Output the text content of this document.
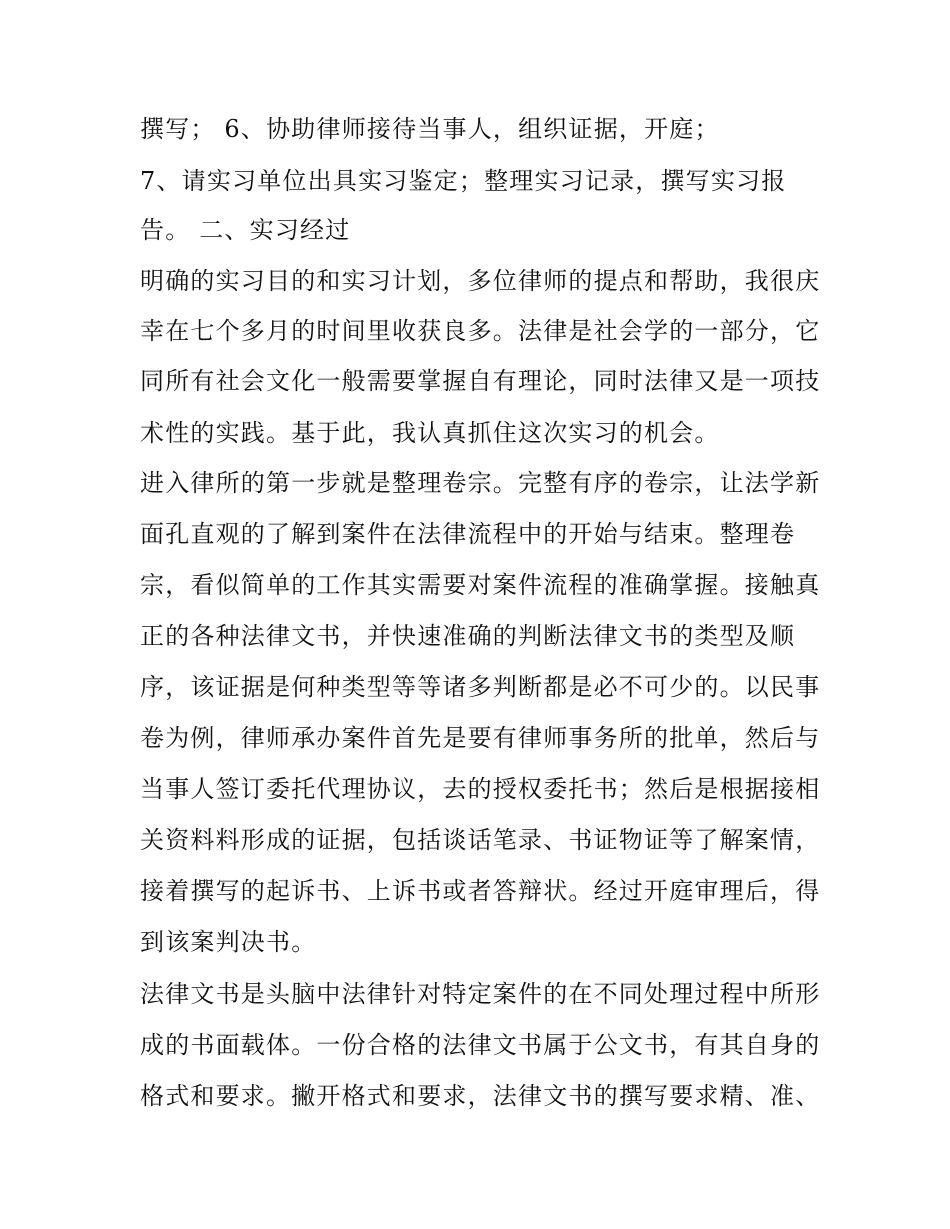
撰写； 6、协助律师接待当事人，组织证据，开庭；
7、请实习单位出具实习鉴定；整理实习记录，撰写实习报
告。 二、实习经过
明确的实习目的和实习计划，多位律师的提点和帮助，我很庆
幸在七个多月的时间里收获良多。法律是社会学的一部分，它
同所有社会文化一般需要掌握自有理论，同时法律又是一项技
术性的实践。基于此，我认真抓住这次实习的机会。
进入律所的第一步就是整理卷宗。完整有序的卷宗，让法学新
面孔直观的了解到案件在法律流程中的开始与结束。整理卷
宗，看似简单的工作其实需要对案件流程的准确掌握。接触真
正的各种法律文书，并快速准确的判断法律文书的类型及顺
序，该证据是何种类型等等诸多判断都是必不可少的。以民事
卷为例，律师承办案件首先是要有律师事务所的批单，然后与
当事人签订委托代理协议，去的授权委托书；然后是根据接相
关资料料形成的证据，包括谈话笔录、书证物证等了解案情，
接着撰写的起诉书、上诉书或者答辩状。经过开庭审理后，得
到该案判决书。
法律文书是头脑中法律针对特定案件的在不同处理过程中所形
成的书面载体。一份合格的法律文书属于公文书，有其自身的
格式和要求。撇开格式和要求，法律文书的撰写要求精、准、
